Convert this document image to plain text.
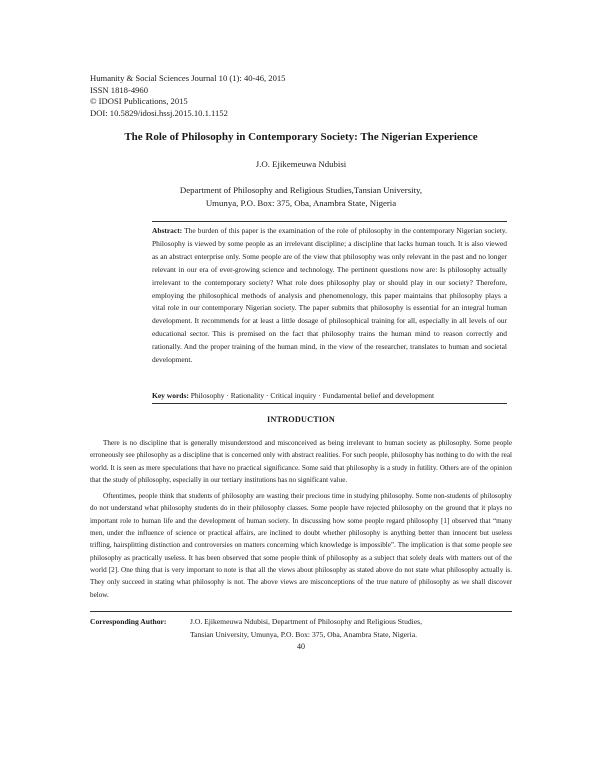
Humanity & Social Sciences Journal 10 (1): 40-46, 2015
ISSN 1818-4960
© IDOSI Publications, 2015
DOI: 10.5829/idosi.hssj.2015.10.1.1152
The Role of Philosophy in Contemporary Society: The Nigerian Experience
J.O. Ejikemeuwa Ndubisi
Department of Philosophy and Religious Studies,Tansian University,
Umunya, P.O. Box: 375, Oba, Anambra State, Nigeria
Abstract: The burden of this paper is the examination of the role of philosophy in the contemporary Nigerian society. Philosophy is viewed by some people as an irrelevant discipline; a discipline that lacks human touch. It is also viewed as an abstract enterprise only. Some people are of the view that philosophy was only relevant in the past and no longer relevant in our era of ever-growing science and technology. The pertinent questions now are: Is philosophy actually irrelevant to the contemporary society? What role does philosophy play or should play in our society? Therefore, employing the philosophical methods of analysis and phenomenology, this paper maintains that philosophy plays a vital role in our contemporary Nigerian society. The paper submits that philosophy is essential for an integral human development. It recommends for at least a little dosage of philosophical training for all, especially in all levels of our educational sector. This is premised on the fact that philosophy trains the human mind to reason correctly and rationally. And the proper training of the human mind, in the view of the researcher, translates to human and societal development.
Key words: Philosophy · Rationality · Critical inquiry · Fundamental belief and development
INTRODUCTION

There is no discipline that is generally misunderstood and misconceived as being irrelevant to human society as philosophy. Some people erroneously see philosophy as a discipline that is concerned only with abstract realities. For such people, philosophy has nothing to do with the real world. It is seen as mere speculations that have no practical significance. Some said that philosophy is a study in futility. Others are of the opinion that the study of philosophy, especially in our tertiary institutions has no significant value.

Oftentimes, people think that students of philosophy are wasting their precious time in studying philosophy. Some non-students of philosophy do not understand what philosophy students do in their philosophy classes. Some people have rejected philosophy on the ground that it plays no important role to human life and the development of human society. In discussing how some people regard philosophy [1] observed that “many men, under the influence of science or practical affairs, are inclined to doubt whether philosophy is anything better than innocent but useless trifling, hairsplitting distinction and controversies on matters concerning which knowledge is impossible”. The implication is that some people see philosophy as practically useless. It has been observed that some people think of philosophy as a subject that solely deals with matters out of the world [2]. One thing that is very important to note is that all the views about philosophy as stated above do not state what philosophy actually is. They only succeed in stating what philosophy is not. The above views are misconceptions of the true nature of philosophy as we shall discover below.

Corresponding Author:	J.O. Ejikemeuwa Ndubisi, Department of Philosophy and Religious Studies,
Tansian University, Umunya, P.O. Box: 375, Oba, Anambra State, Nigeria.
40
